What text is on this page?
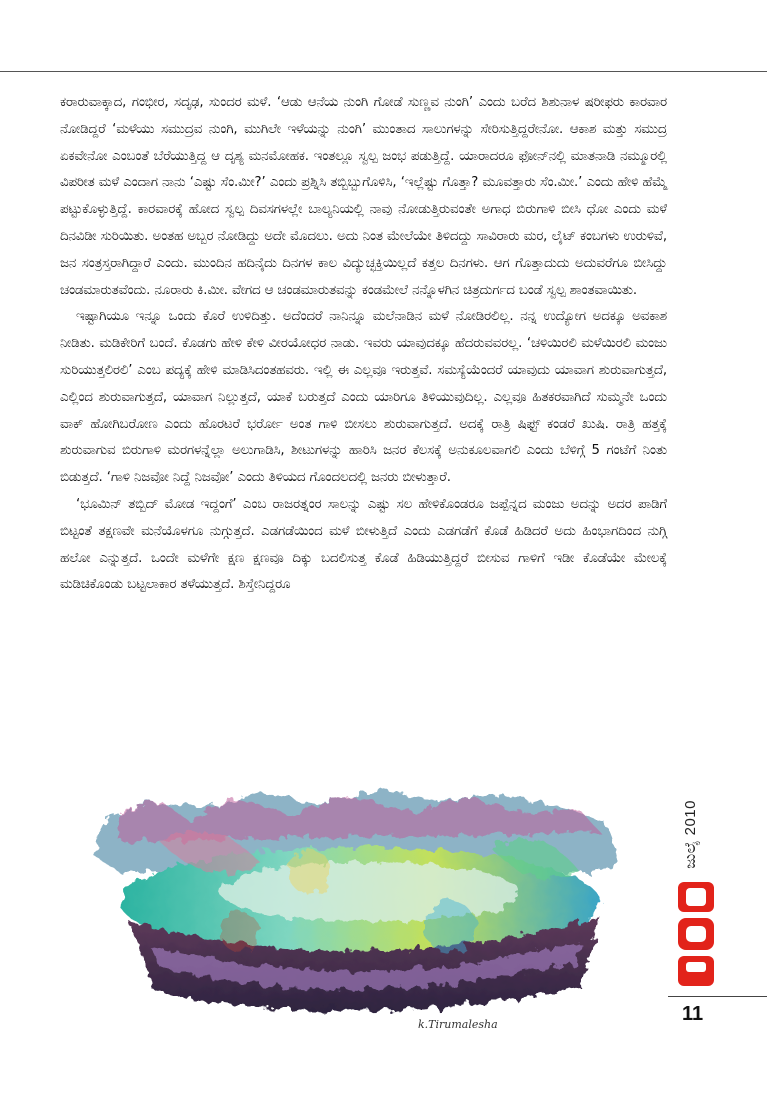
ಕರಾರುವಾಕ್ಕಾದ, ಗಂಭೀರ, ಸದೃಢ, ಸುಂದರ ಮಳೆ. ‘ಆಡು ಆನೆಯ ನುಂಗಿ ಗೋಡೆ ಸುಣ್ಣವ ನುಂಗಿ’ ಎಂದು ಬರೆದ ಶಿಶುನಾಳ ಷರೀಫರು ಕಾರವಾರ ನೋಡಿದ್ದರೆ ‘ಮಳೆಯು ಸಮುದ್ರವ ನುಂಗಿ, ಮುಗಿಲೇ ಇಳೆಯನ್ನು ನುಂಗಿ’ ಮುಂತಾದ ಸಾಲುಗಳನ್ನು ಸೇರಿಸುತ್ತಿದ್ದರೇನೋ. ಆಕಾಶ ಮತ್ತು ಸಮುದ್ರ ಏಕವೇನೋ ಎಂಬಂತೆ ಬೆರೆಯುತ್ತಿದ್ದ ಆ ದೃಶ್ಯ ಮನಮೋಹಕ. ಇಂತಲ್ಲೂ ಸ್ವಲ್ಪ ಜಂಭ ಪಡುತ್ತಿದ್ದೆ. ಯಾರಾದರೂ ಫೋನ್‌ನಲ್ಲಿ ಮಾತನಾಡಿ ನಮ್ಮೂರಲ್ಲಿ ವಿಪರೀತ ಮಳೆ ಎಂದಾಗ ನಾನು ‘ಎಷ್ಟು ಸೆಂ.ಮೀ?’ ಎಂದು ಪ್ರಶ್ನಿಸಿ ತಬ್ಬಿಬ್ಬುಗೊಳಿಸಿ, ‘ಇಲ್ಲೆಷ್ಟು ಗೊತ್ತಾ? ಮೂವತ್ತಾರು ಸೆಂ.ಮೀ.’ ಎಂದು ಹೇಳಿ ಹೆಮ್ಮೆ ಪಟ್ಟುಕೊಳ್ಳುತ್ತಿದ್ದೆ. ಕಾರವಾರಕ್ಕೆ ಹೋದ ಸ್ವಲ್ಪ ದಿವಸಗಳಲ್ಲೇ ಬಾಲ್ಯನಿಯಲ್ಲಿ ನಾವು ನೋಡುತ್ತಿರುವಂತೇ ಅಗಾಧ ಬಿರುಗಾಳಿ ಬೀಸಿ ಧೋ ಎಂದು ಮಳೆ ದಿನವಿಡೀ ಸುರಿಯಿತು. ಅಂತಹ ಅಬ್ಬರ ನೋಡಿದ್ದು ಅದೇ ಮೊದಲು. ಅದು ನಿಂತ ಮೇಲೆಯೇ ತಿಳಿದದ್ದು ಸಾವಿರಾರು ಮರ, ಲೈಟ್ ಕಂಬಗಳು ಉರುಳಿವೆ, ಜನ ಸಂತ್ರಸ್ತರಾಗಿದ್ದಾರೆ ಎಂದು. ಮುಂದಿನ ಹದಿನೈದು ದಿನಗಳ ಕಾಲ ವಿದ್ಯುಚ್ಛಕ್ತಿಯಿಲ್ಲದೆ ಕತ್ತಲ ದಿನಗಳು. ಆಗ ಗೊತ್ತಾದುದು ಅದುವರೆಗೂ ಬೀಸಿದ್ದು ಚಂಡಮಾರುತವೆಂದು. ನೂರಾರು ಕಿ.ಮೀ. ವೇಗದ ಆ ಚಂಡಮಾರುತವನ್ನು ಕಂಡಮೇಲೆ ನನ್ನೊಳಗಿನ ಚಿತ್ರದುರ್ಗದ ಬಂಡೆ ಸ್ವಲ್ಪ ಶಾಂತವಾಯಿತು.

ಇಷ್ಟಾಗಿಯೂ ಇನ್ನೂ ಒಂದು ಕೊರೆ ಉಳಿದಿತ್ತು. ಅದೆಂದರೆ ನಾನಿನ್ನೂ ಮಲೆನಾಡಿನ ಮಳೆ ನೋಡಿರಲಿಲ್ಲ. ನನ್ನ ಉದ್ಯೋಗ ಅದಕ್ಕೂ ಅವಕಾಶ ನೀಡಿತು. ಮಡಿಕೇರಿಗೆ ಬಂದೆ. ಕೊಡಗು ಹೇಳಿ ಕೇಳಿ ವೀರಯೋಧರ ನಾಡು. ಇವರು ಯಾವುದಕ್ಕೂ ಹೆದರುವವರಲ್ಲ. ‘ಚಳಿಯಿರಲಿ ಮಳೆಯಿರಲಿ ಮಂಜು ಸುರಿಯುತ್ತಲಿರಲಿ’ ಎಂಬ ಪದ್ಯಕ್ಕೆ ಹೇಳಿ ಮಾಡಿಸಿದಂತಹವರು. ಇಲ್ಲಿ ಈ ಎಲ್ಲವೂ ಇರುತ್ತವೆ. ಸಮಸ್ಯೆಯೆಂದರೆ ಯಾವುದು ಯಾವಾಗ ಶುರುವಾಗುತ್ತದೆ, ಎಲ್ಲಿಂದ ಶುರುವಾಗುತ್ತದೆ, ಯಾವಾಗ ನಿಲ್ಲುತ್ತದೆ, ಯಾಕೆ ಬರುತ್ತದೆ ಎಂದು ಯಾರಿಗೂ ತಿಳಿಯುವುದಿಲ್ಲ. ಎಲ್ಲವೂ ಹಿತಕರವಾಗಿದೆ ಸುಮ್ಮನೇ ಒಂದು ವಾಕ್ ಹೋಗಿಬರೋಣ ಎಂದು ಹೊರಟರೆ ಭರ್ರೋ ಅಂತ ಗಾಳಿ ಬೀಸಲು ಶುರುವಾಗುತ್ತದೆ. ಅದಕ್ಕೆ ರಾತ್ರಿ ಷಿಫ್ಟ್ ಕಂಡರೆ ಖುಷಿ. ರಾತ್ರಿ ಹತ್ತಕ್ಕೆ ಶುರುವಾಗುವ ಬಿರುಗಾಳಿ ಮರಗಳನ್ನೆಲ್ಲಾ ಅಲುಗಾಡಿಸಿ, ಶೀಟುಗಳನ್ನು ಹಾರಿಸಿ ಜನರ ಕೆಲಸಕ್ಕೆ ಅನುಕೂಲವಾಗಲಿ ಎಂದು ಬೆಳಿಗ್ಗೆ 5 ಗಂಟೆಗೆ ನಿಂತು ಬಿಡುತ್ತದೆ. ‘ಗಾಳಿ ನಿಜವೋ ನಿದ್ದೆ ನಿಜವೋ’ ಎಂದು ತಿಳಿಯದ ಗೊಂದಲದಲ್ಲಿ ಜನರು ಬೀಳುತ್ತಾರೆ.

‘ಭೂಮಿನ್ ತಬ್ಬಿದ್ ಮೋಡ ಇದ್ದಂಗೆ’ ಎಂಬ ರಾಜರತ್ನಂರ ಸಾಲನ್ನು ಎಷ್ಟು ಸಲ ಹೇಳಿಕೊಂಡರೂ ಜಪ್ಪೆನ್ನದ ಮಂಜು ಅದನ್ನು ಅದರ ಪಾಡಿಗೆ ಬಿಟ್ಟಂತೆ ತಕ್ಷಣವೇ ಮನೆಯೊಳಗೂ ನುಗ್ಗುತ್ತದೆ. ಎಡಗಡೆಯಿಂದ ಮಳೆ ಬೀಳುತ್ತಿದೆ ಎಂದು ಎಡಗಡೆಗೆ ಕೊಡೆ ಹಿಡಿದರೆ ಅದು ಹಿಂಭಾಗದಿಂದ ನುಗ್ಗಿ ಹಲೋ ಎನ್ನುತ್ತದೆ. ಒಂದೇ ಮಳೆಗೇ ಕ್ಷಣ ಕ್ಷಣವೂ ದಿಕ್ಕು ಬದಲಿಸುತ್ತ ಕೊಡೆ ಹಿಡಿಯುತ್ತಿದ್ದರೆ ಬೀಸುವ ಗಾಳಿಗೆ ಇಡೀ ಕೊಡೆಯೇ ಮೇಲಕ್ಕೆ ಮಡಿಚಿಕೊಂಡು ಬಟ್ಟಲಾಕಾರ ತಳೆಯುತ್ತದೆ. ಶಿಸ್ತೇನಿದ್ದರೂ

k.Tirumalesha
ಜುಲೈ 2010
11
